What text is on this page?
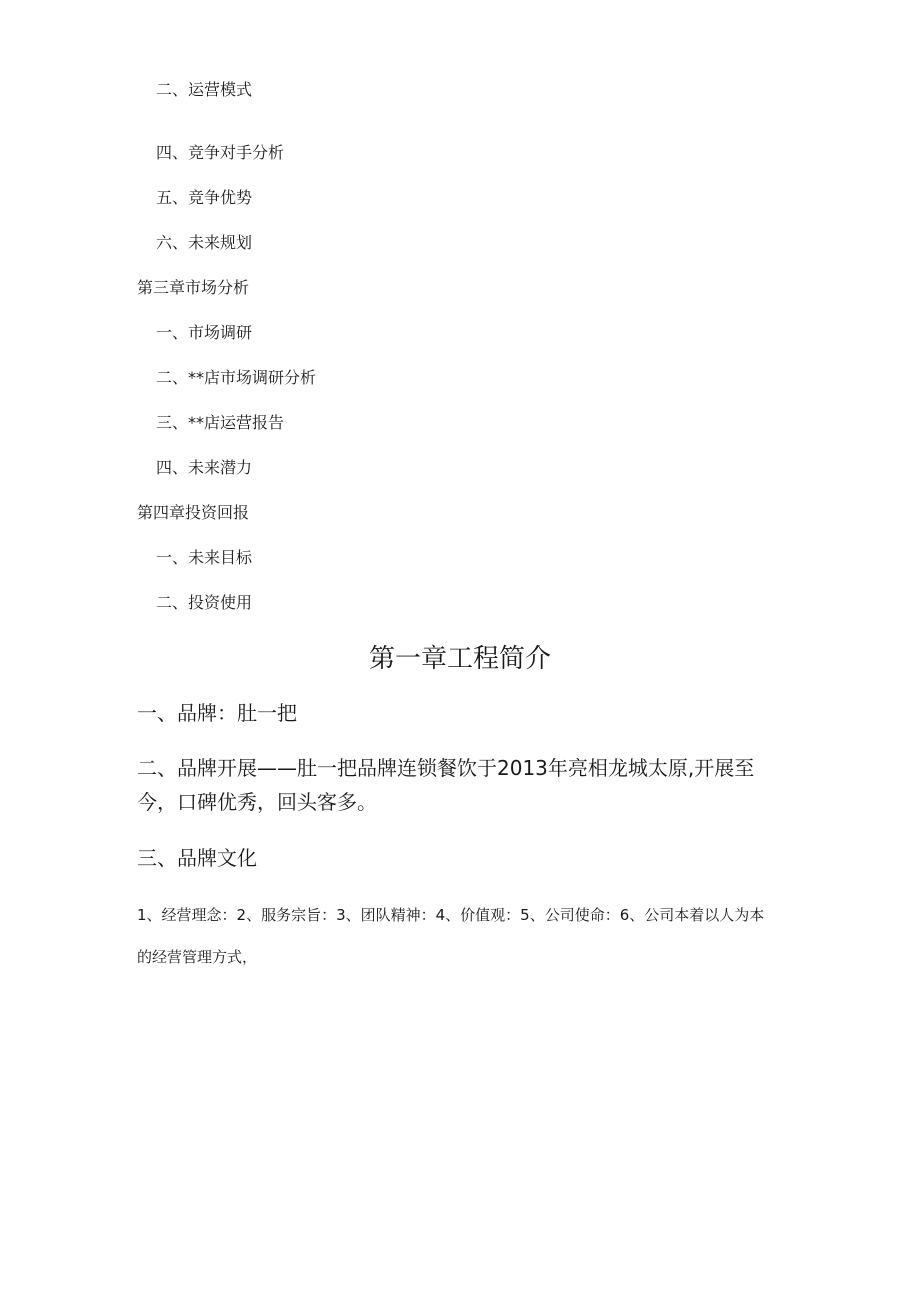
二、运营模式
四、竞争对手分析
五、竞争优势
六、未来规划
第三章市场分析
一、市场调研
二、**店市场调研分析
三、**店运营报告
四、未来潜力
第四章投资回报
一、未来目标
二、投资使用
第一章工程简介
一、品牌：肚一把
二、品牌开展——肚一把品牌连锁餐饮于2013年亮相龙城太原,开展至今，口碑优秀，回头客多。
三、品牌文化
1、经营理念：2、服务宗旨：3、团队精神：4、价值观：5、公司使命：6、公司本着以人为本的经营管理方式，
